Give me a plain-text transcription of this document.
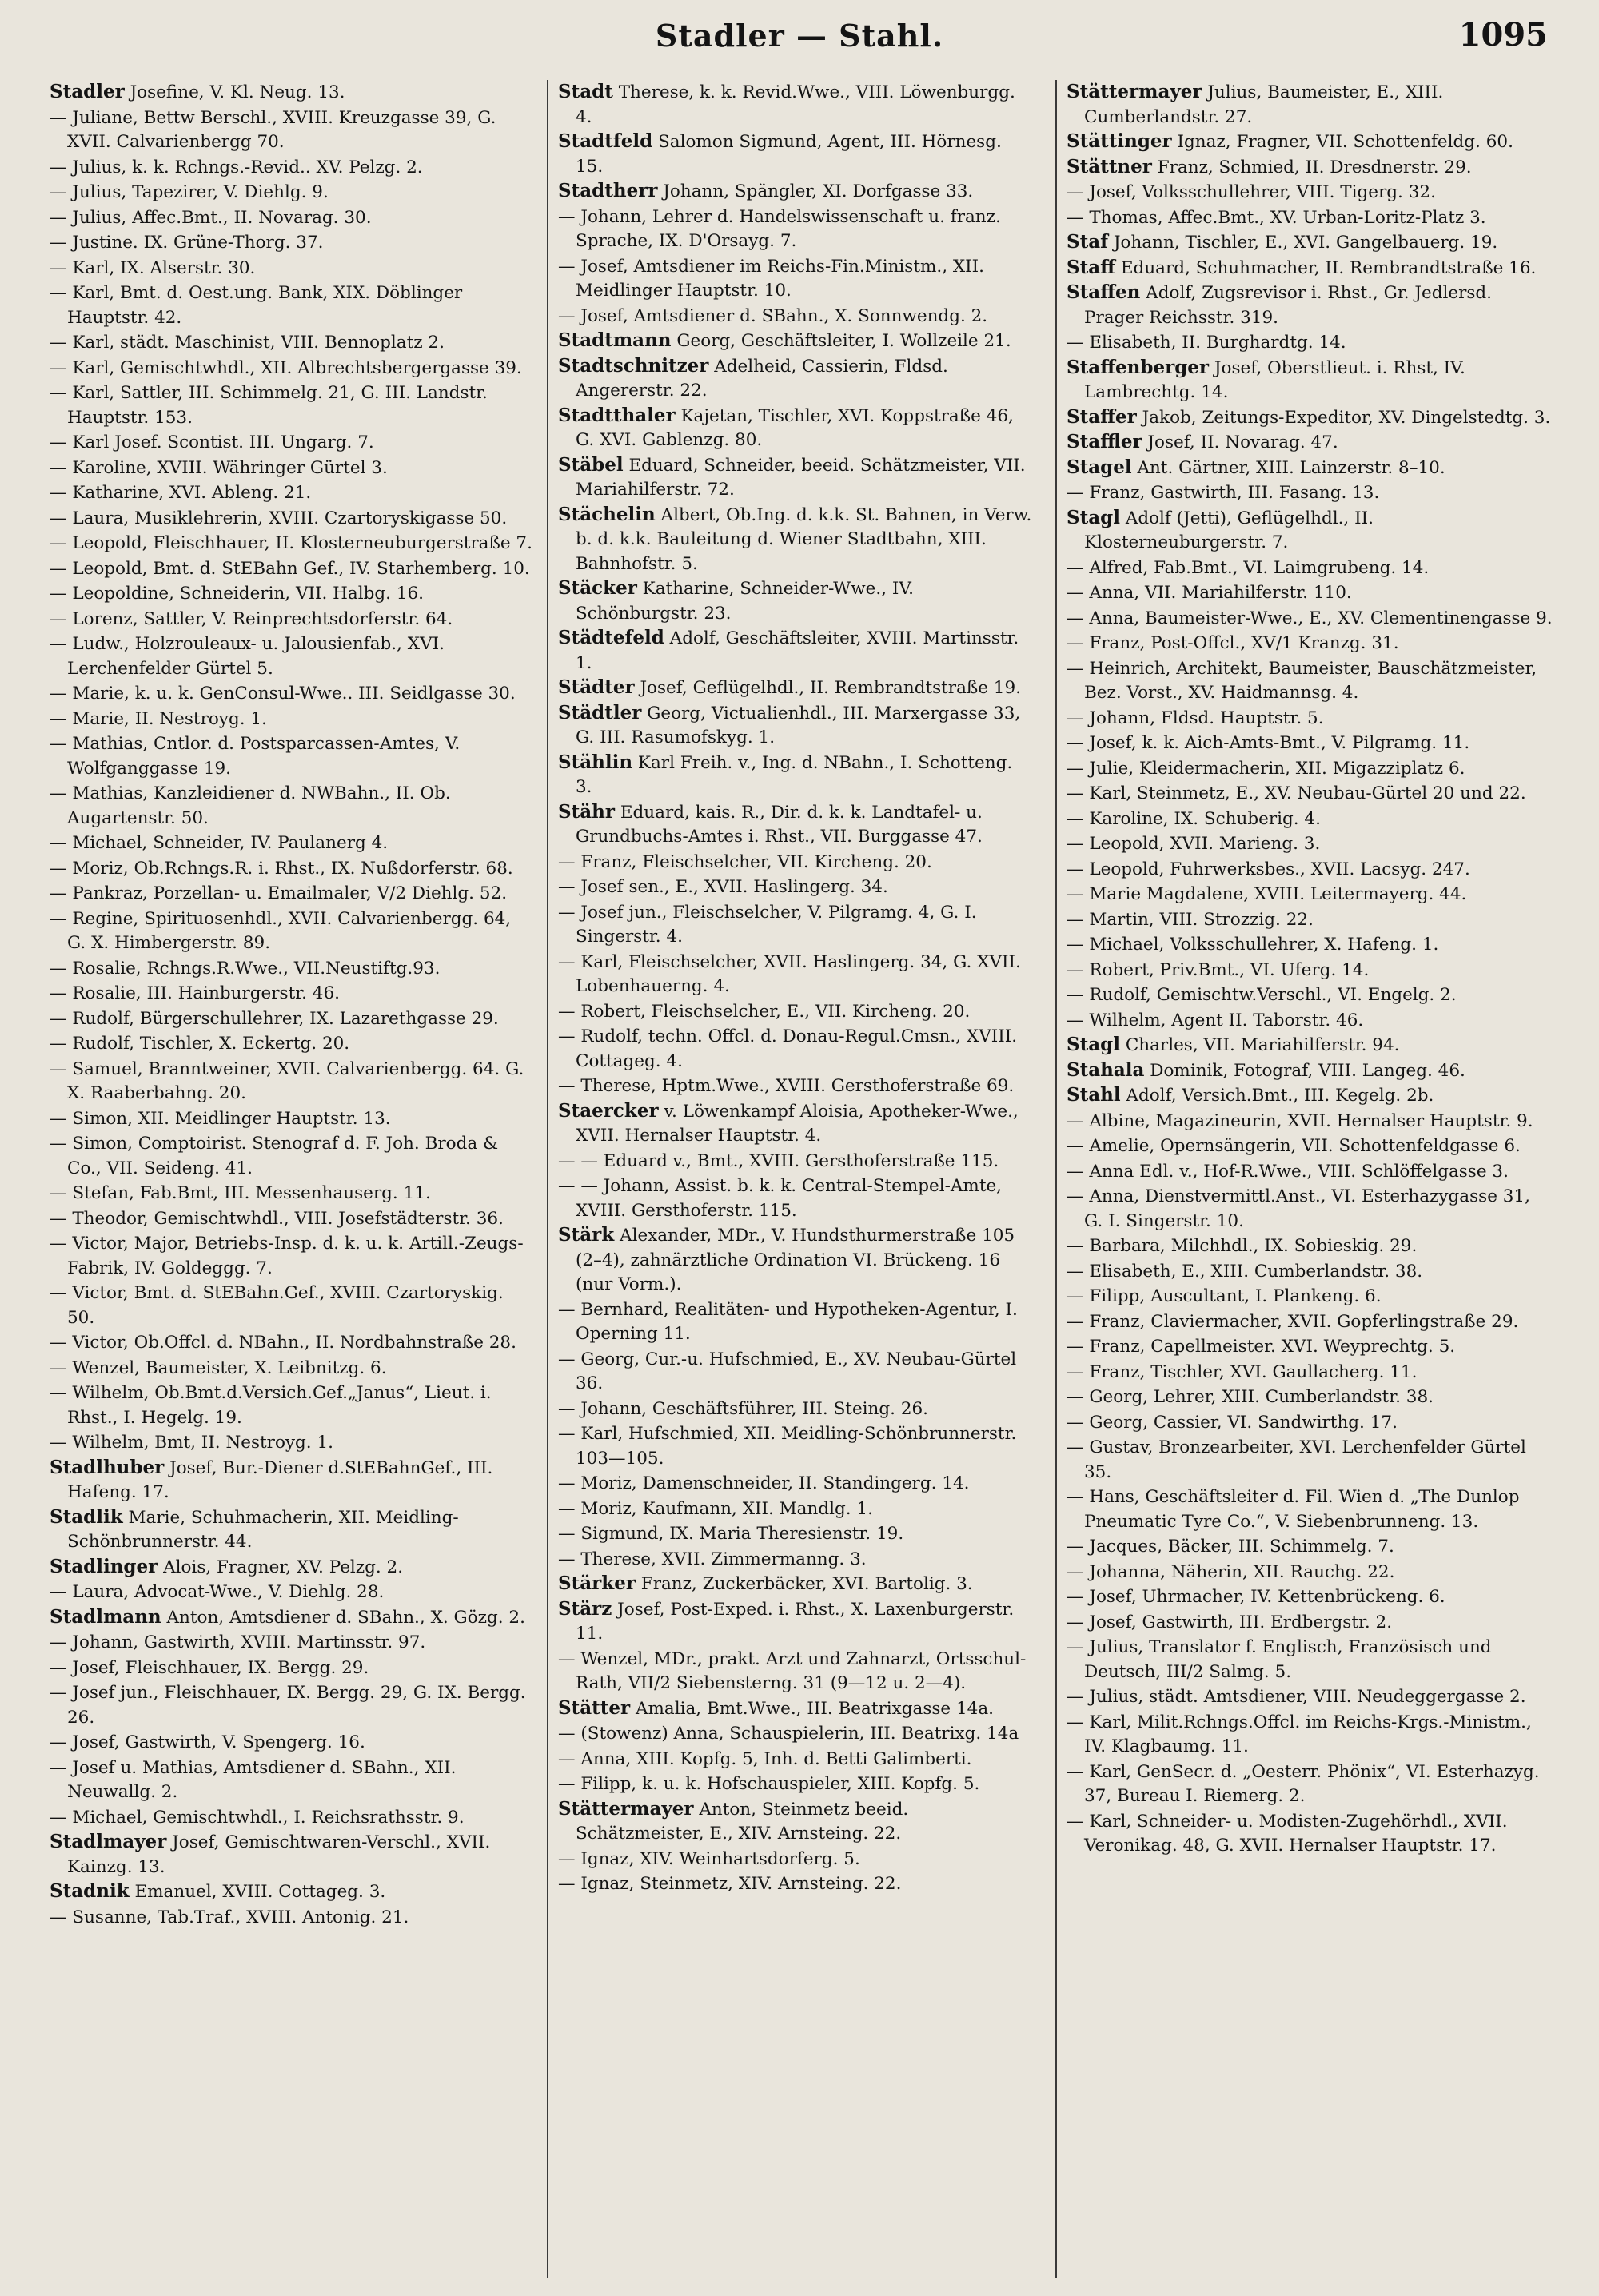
Stadler — Stahl.	1095
Stadler Josefine, V. Kl. Neug. 13.
— Juliane, Bettw Berschl., XVIII. Kreuzgasse 39, G. XVII. Calvarienbergg 70.
— Julius, k. k. Rchngs.-Revid.. XV. Pelzg. 2.
— Julius, Tapezirer, V. Diehlg. 9.
— Julius, Affec.Bmt., II. Novarag. 30.
— Justine. IX. Grüne-Thorg. 37.
— Karl, IX. Alserstr. 30.
— Karl, Bmt. d. Oest.ung. Bank, XIX. Döblinger Hauptstr. 42.
— Karl, städt. Maschinist, VIII. Bennoplatz 2.
— Karl, Gemischtwhdl., XII. Albrechtsbergergasse 39.
— Karl, Sattler, III. Schimmelg. 21, G. III. Landstr. Hauptstr. 153.
— Karl Josef. Scontist. III. Ungarg. 7.
— Karoline, XVIII. Währinger Gürtel 3.
— Katharine, XVI. Ableng. 21.
— Laura, Musiklehrerin, XVIII. Czartoryskigasse 50.
— Leopold, Fleischhauer, II. Klosterneuburgerstraße 7.
— Leopold, Bmt. d. StEBahn Gef., IV. Starhemberg. 10.
— Leopoldine, Schneiderin, VII. Halbg. 16.
— Lorenz, Sattler, V. Reinprechtsdorferstr. 64.
— Ludw., Holzrouleaux- u. Jalousienfab., XVI. Lerchenfelder Gürtel 5.
— Marie, k. u. k. GenConsul-Wwe.. III. Seidlgasse 30.
— Marie, II. Nestroyg. 1.
— Mathias, Cntlor. d. Postsparcassen-Amtes, V. Wolfganggasse 19.
— Mathias, Kanzleidiener d. NWBahn., II. Ob. Augartenstr. 50.
— Michael, Schneider, IV. Paulanerg 4.
— Moriz, Ob.Rchngs.R. i. Rhst., IX. Nußdorferstr. 68.
— Pankraz, Porzellan- u. Emailmaler, V/2 Diehlg. 52.
— Regine, Spirituosenhdl., XVII. Calvarienbergg. 64, G. X. Himbergerstr. 89.
— Rosalie, Rchngs.R.Wwe., VII.Neustiftg.93.
— Rosalie, III. Hainburgerstr. 46.
— Rudolf, Bürgerschullehrer, IX. Lazarethgasse 29.
— Rudolf, Tischler, X. Eckertg. 20.
— Samuel, Branntweiner, XVII. Calvarienbergg. 64. G. X. Raaberbahng. 20.
— Simon, XII. Meidlinger Hauptstr. 13.
— Simon, Comptoirist. Stenograf d. F. Joh. Broda & Co., VII. Seideng. 41.
— Stefan, Fab.Bmt, III. Messenhauserg. 11.
— Theodor, Gemischtwhdl., VIII. Josefstädterstr. 36.
— Victor, Major, Betriebs-Insp. d. k. u. k. Artill.-Zeugs-Fabrik, IV. Goldeggg. 7.
— Victor, Bmt. d. StEBahn.Gef., XVIII. Czartoryskig. 50.
— Victor, Ob.Offcl. d. NBahn., II. Nordbahnstraße 28.
— Wenzel, Baumeister, X. Leibnitzg. 6.
— Wilhelm, Ob.Bmt.d.Versich.Gef.„Janus“, Lieut. i. Rhst., I. Hegelg. 19.
— Wilhelm, Bmt, II. Nestroyg. 1.
Stadlhuber Josef, Bur.-Diener d.StEBahnGef., III. Hafeng. 17.
Stadlik Marie, Schuhmacherin, XII. Meidling-Schönbrunnerstr. 44.
Stadlinger Alois, Fragner, XV. Pelzg. 2.
— Laura, Advocat-Wwe., V. Diehlg. 28.
Stadlmann Anton, Amtsdiener d. SBahn., X. Gözg. 2.
— Johann, Gastwirth, XVIII. Martinsstr. 97.
— Josef, Fleischhauer, IX. Bergg. 29.
— Josef jun., Fleischhauer, IX. Bergg. 29, G. IX. Bergg. 26.
— Josef, Gastwirth, V. Spengerg. 16.
— Josef u. Mathias, Amtsdiener d. SBahn., XII. Neuwallg. 2.
— Michael, Gemischtwhdl., I. Reichsrathsstr. 9.
Stadlmayer Josef, Gemischtwaren-Verschl., XVII. Kainzg. 13.
Stadnik Emanuel, XVIII. Cottageg. 3.
— Susanne, Tab.Traf., XVIII. Antonig. 21.
Stadt Therese, k. k. Revid.Wwe., VIII. Löwenburgg. 4.
Stadtfeld Salomon Sigmund, Agent, III. Hörnesg. 15.
Stadtherr Johann, Spängler, XI. Dorfgasse 33.
— Johann, Lehrer d. Handelswissenschaft u. franz. Sprache, IX. D'Orsayg. 7.
— Josef, Amtsdiener im Reichs-Fin.Ministm., XII. Meidlinger Hauptstr. 10.
— Josef, Amtsdiener d. SBahn., X. Sonnwendg. 2.
Stadtmann Georg, Geschäftsleiter, I. Wollzeile 21.
Stadtschnitzer Adelheid, Cassierin, Fldsd. Angererstr. 22.
Stadtthaler Kajetan, Tischler, XVI. Koppstraße 46, G. XVI. Gablenzg. 80.
Stäbel Eduard, Schneider, beeid. Schätzmeister, VII. Mariahilferstr. 72.
Stächelin Albert, Ob.Ing. d. k.k. St. Bahnen, in Verw. b. d. k.k. Bauleitung d. Wiener Stadtbahn, XIII. Bahnhofstr. 5.
Stäcker Katharine, Schneider-Wwe., IV. Schönburgstr. 23.
Städtefeld Adolf, Geschäftsleiter, XVIII. Martinsstr. 1.
Städter Josef, Geflügelhdl., II. Rembrandtstraße 19.
Städtler Georg, Victualienhdl., III. Marxergasse 33, G. III. Rasumofskyg. 1.
Stählin Karl Freih. v., Ing. d. NBahn., I. Schotteng. 3.
Stähr Eduard, kais. R., Dir. d. k. k. Landtafel- u. Grundbuchs-Amtes i. Rhst., VII. Burggasse 47.
— Franz, Fleischselcher, VII. Kircheng. 20.
— Josef sen., E., XVII. Haslingerg. 34.
— Josef jun., Fleischselcher, V. Pilgramg. 4, G. I. Singerstr. 4.
— Karl, Fleischselcher, XVII. Haslingerg. 34, G. XVII. Lobenhauerng. 4.
— Robert, Fleischselcher, E., VII. Kircheng. 20.
— Rudolf, techn. Offcl. d. Donau-Regul.Cmsn., XVIII. Cottageg. 4.
— Therese, Hptm.Wwe., XVIII. Gersthoferstraße 69.
Staercker v. Löwenkampf Aloisia, Apotheker-Wwe., XVII. Hernalser Hauptstr. 4.
— — Eduard v., Bmt., XVIII. Gersthoferstraße 115.
— — Johann, Assist. b. k. k. Central-Stempel-Amte, XVIII. Gersthoferstr. 115.
Stärk Alexander, MDr., V. Hundsthurmerstraße 105 (2–4), zahnärztliche Ordination VI. Brückeng. 16 (nur Vorm.).
— Bernhard, Realitäten- und Hypotheken-Agentur, I. Operning 11.
— Georg, Cur.-u. Hufschmied, E., XV. Neubau-Gürtel 36.
— Johann, Geschäftsführer, III. Steing. 26.
— Karl, Hufschmied, XII. Meidling-Schönbrunnerstr. 103—105.
— Moriz, Damenschneider, II. Standingerg. 14.
— Moriz, Kaufmann, XII. Mandlg. 1.
— Sigmund, IX. Maria Theresienstr. 19.
— Therese, XVII. Zimmermanng. 3.
Stärker Franz, Zuckerbäcker, XVI. Bartolig. 3.
Stärz Josef, Post-Exped. i. Rhst., X. Laxenburgerstr. 11.
— Wenzel, MDr., prakt. Arzt und Zahnarzt, Ortsschul-Rath, VII/2 Siebensterng. 31 (9—12 u. 2—4).
Stätter Amalia, Bmt.Wwe., III. Beatrixgasse 14a.
— (Stowenz) Anna, Schauspielerin, III. Beatrixg. 14a
— Anna, XIII. Kopfg. 5, Inh. d. Betti Galimberti.
— Filipp, k. u. k. Hofschauspieler, XIII. Kopfg. 5.
Stättermayer Anton, Steinmetz beeid. Schätzmeister, E., XIV. Arnsteing. 22.
— Ignaz, XIV. Weinhartsdorferg. 5.
— Ignaz, Steinmetz, XIV. Arnsteing. 22.
Stättermayer Julius, Baumeister, E., XIII. Cumberlandstr. 27.
Stättinger Ignaz, Fragner, VII. Schottenfeldg. 60.
Stättner Franz, Schmied, II. Dresdnerstr. 29.
— Josef, Volksschullehrer, VIII. Tigerg. 32.
— Thomas, Affec.Bmt., XV. Urban-Loritz-Platz 3.
Staf Johann, Tischler, E., XVI. Gangelbauerg. 19.
Staff Eduard, Schuhmacher, II. Rembrandtstraße 16.
Staffen Adolf, Zugsrevisor i. Rhst., Gr. Jedlersd. Prager Reichsstr. 319.
— Elisabeth, II. Burghardtg. 14.
Staffenberger Josef, Oberstlieut. i. Rhst, IV. Lambrechtg. 14.
Staffer Jakob, Zeitungs-Expeditor, XV. Dingelstedtg. 3.
Staffler Josef, II. Novarag. 47.
Stagel Ant. Gärtner, XIII. Lainzerstr. 8–10.
— Franz, Gastwirth, III. Fasang. 13.
Stagl Adolf (Jetti), Geflügelhdl., II. Klosterneuburgerstr. 7.
— Alfred, Fab.Bmt., VI. Laimgrubeng. 14.
— Anna, VII. Mariahilferstr. 110.
— Anna, Baumeister-Wwe., E., XV. Clementinengasse 9.
— Franz, Post-Offcl., XV/1 Kranzg. 31.
— Heinrich, Architekt, Baumeister, Bauschätzmeister, Bez. Vorst., XV. Haidmannsg. 4.
— Johann, Fldsd. Hauptstr. 5.
— Josef, k. k. Aich-Amts-Bmt., V. Pilgramg. 11.
— Julie, Kleidermacherin, XII. Migazziplatz 6.
— Karl, Steinmetz, E., XV. Neubau-Gürtel 20 und 22.
— Karoline, IX. Schuberig. 4.
— Leopold, XVII. Marieng. 3.
— Leopold, Fuhrwerksbes., XVII. Lacsyg. 247.
— Marie Magdalene, XVIII. Leitermayerg. 44.
— Martin, VIII. Strozzig. 22.
— Michael, Volksschullehrer, X. Hafeng. 1.
— Robert, Priv.Bmt., VI. Uferg. 14.
— Rudolf, Gemischtw.Verschl., VI. Engelg. 2.
— Wilhelm, Agent II. Taborstr. 46.
Stagl Charles, VII. Mariahilferstr. 94.
Stahala Dominik, Fotograf, VIII. Langeg. 46.
Stahl Adolf, Versich.Bmt., III. Kegelg. 2b.
— Albine, Magazineurin, XVII. Hernalser Hauptstr. 9.
— Amelie, Opernsängerin, VII. Schottenfeldgasse 6.
— Anna Edl. v., Hof-R.Wwe., VIII. Schlöffelgasse 3.
— Anna, Dienstvermittl.Anst., VI. Esterhazygasse 31, G. I. Singerstr. 10.
— Barbara, Milchhdl., IX. Sobieskig. 29.
— Elisabeth, E., XIII. Cumberlandstr. 38.
— Filipp, Auscultant, I. Plankeng. 6.
— Franz, Claviermacher, XVII. Gopferlingstraße 29.
— Franz, Capellmeister. XVI. Weyprechtg. 5.
— Franz, Tischler, XVI. Gaullacherg. 11.
— Georg, Lehrer, XIII. Cumberlandstr. 38.
— Georg, Cassier, VI. Sandwirthg. 17.
— Gustav, Bronzearbeiter, XVI. Lerchenfelder Gürtel 35.
— Hans, Geschäftsleiter d. Fil. Wien d. „The Dunlop Pneumatic Tyre Co.“, V. Siebenbrunneng. 13.
— Jacques, Bäcker, III. Schimmelg. 7.
— Johanna, Näherin, XII. Rauchg. 22.
— Josef, Uhrmacher, IV. Kettenbrückeng. 6.
— Josef, Gastwirth, III. Erdbergstr. 2.
— Julius, Translator f. Englisch, Französisch und Deutsch, III/2 Salmg. 5.
— Julius, städt. Amtsdiener, VIII. Neudeggergasse 2.
— Karl, Milit.Rchngs.Offcl. im Reichs-Krgs.-Ministm., IV. Klagbaumg. 11.
— Karl, GenSecr. d. „Oesterr. Phönix“, VI. Esterhazyg. 37, Bureau I. Riemerg. 2.
— Karl, Schneider- u. Modisten-Zugehörhdl., XVII. Veronikag. 48, G. XVII. Hernalser Hauptstr. 17.
